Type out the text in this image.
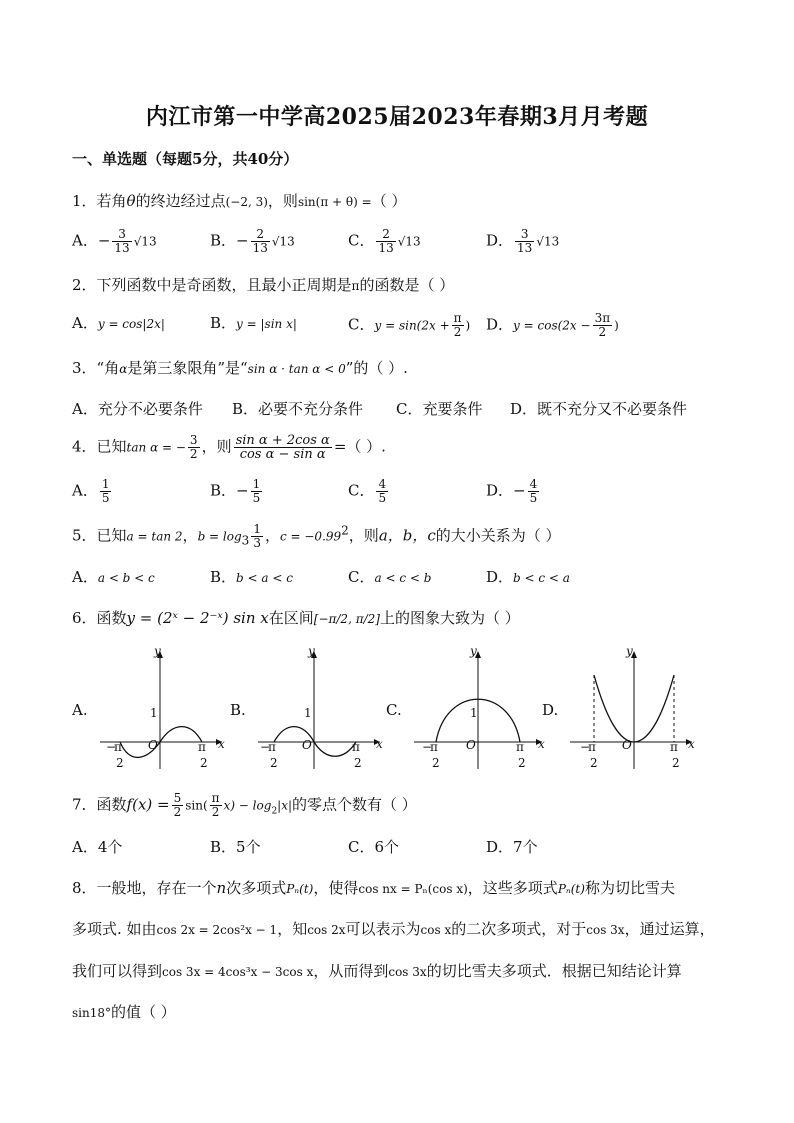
内江市第一中学高2025届2023年春期3月月考题
一、单选题（每题5分，共40分）
1．若角θ的终边经过点(−2, 3)，则sin(π + θ) =（ ）
A．− $\frac{3}{13} √13$	B．− $\frac{2}{13} √13$	C． $\frac{2}{13} √13$	D． $\frac{3}{13} √13$
2．下列函数中是奇函数，且最小正周期是π的函数是（ ）
A．y = cos|2x|	B．y = |sin x|	C．$y = \sin(2x + \frac{\pi}{2}$ ) D．$y = \cos(2x - \frac{3\pi}{2}$ )
3．“角α是第三象限角”是“sin α · tan α < 0”的（ ）.
A．充分不必要条件 B．必要不充分条件 C．充要条件 D．既不充分又不必要条件
4．已知tan α = − $\frac{3}{2}$ ，则 $\frac{\text{sin α + 2cos α}}{\text{cos α − sin α}}$ =（ ）.
A． $\frac{1}{5}$	B．− $\frac{1}{5}$	C． $\frac{4}{5}$	D．− $\frac{4}{5}$
5．已知a = tan 2，$b = \log_3 \frac{1}{3}$ ，$c = -0.99^2$，则a，b，c的大小关系为（ ）
A．a < b < c	B．b < a < c	C．a < c < b	D．b < c < a
6．函数y = (2ˣ − 2⁻ˣ) sin x在区间[−π/2, π/2]上的图象大致为（ ）
A.
y
x
O
1
−
π
2
π
2
B.
y
x
O
1
−
π
2
π
2
C.
y
x
O
1
−
π
2
π
2
D.
y
x
O
−
π
2
π
2
7．函数$f(x) = \frac{5}{2} \sin( \frac{\pi}{2} x) - \log_2|x|$的零点个数有（ ）
A．4个	B．5个	C．6个	D．7个
8．一般地，存在一个n次多项式Pₙ(t)，使得cos nx = Pₙ(cos x)，这些多项式Pₙ(t)称为切比雪夫
多项式. 如由cos 2x = 2cos²x − 1，知cos 2x可以表示为cos x的二次多项式，对于cos 3x，通过运算，
我们可以得到cos 3x = 4cos³x − 3cos x，从而得到cos 3x的切比雪夫多项式．根据已知结论计算
sin18°的值（ ）
